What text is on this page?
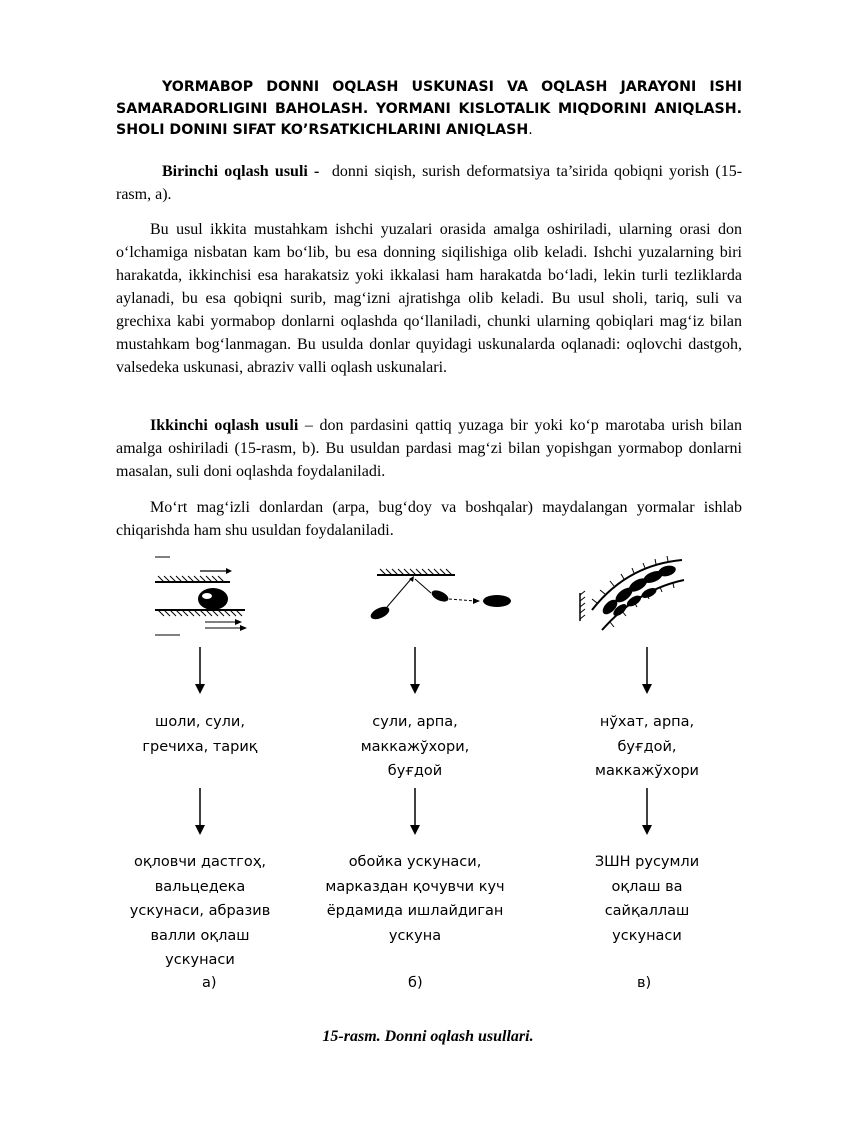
YORMABOP DONNI OQLASH USKUNASI VA OQLASH JARAYONI ISHI SAMARADORLIGINI BAHOLASH. YORMANI KISLOTALIK MIQDORINI ANIQLASH. SHOLI DONINI SIFAT KO’RSATKICHLARINI ANIQLASH.

Birinchi oqlash usuli - donni siqish, surish deformatsiya ta’sirida qobiqni yorish (15-rasm, a).

Bu usul ikkita mustahkam ishchi yuzalari orasida amalga oshiriladi, ularning orasi don oʻlchamiga nisbatan kam boʻlib, bu esa donning siqilishiga olib keladi. Ishchi yuzalarning biri harakatda, ikkinchisi esa harakatsiz yoki ikkalasi ham harakatda boʻladi, lekin turli tezliklarda aylanadi, bu esa qobiqni surib, magʻizni ajratishga olib keladi. Bu usul sholi, tariq, suli va grechixa kabi yormabop donlarni oqlashda qoʻllaniladi, chunki ularning qobiqlari magʻiz bilan mustahkam bogʻlanmagan. Bu usulda donlar quyidagi uskunalarda oqlanadi: oqlovchi dastgoh, valsedeka uskunasi, abraziv valli oqlash uskunalari.

Ikkinchi oqlash usuli – don pardasini qattiq yuzaga bir yoki koʻp marotaba urish bilan amalga oshiriladi (15-rasm, b). Bu usuldan pardasi magʻzi bilan yopishgan yormabop donlarni masalan, suli doni oqlashda foydalaniladi.

Moʻrt magʻizli donlardan (arpa, bugʻdoy va boshqalar) maydalangan yormalar ishlab chiqarishda ham shu usuldan foydalaniladi.

шоли, сули,
гречиха, тариқ
сули, арпа,
маккажўхори,
буғдой
нўхат, арпа,
буғдой,
маккажўхори
оқловчи дастгоҳ,
вальцедека
ускунаси, абразив
валли оқлаш
ускунаси
обойка ускунаси,
марказдан қочувчи куч
ёрдамида ишлайдиган
ускуна
ЗШН русумли
оқлаш ва
сайқаллаш
ускунаси
а)	б)	в)
15-rasm. Donni oqlash usullari.
